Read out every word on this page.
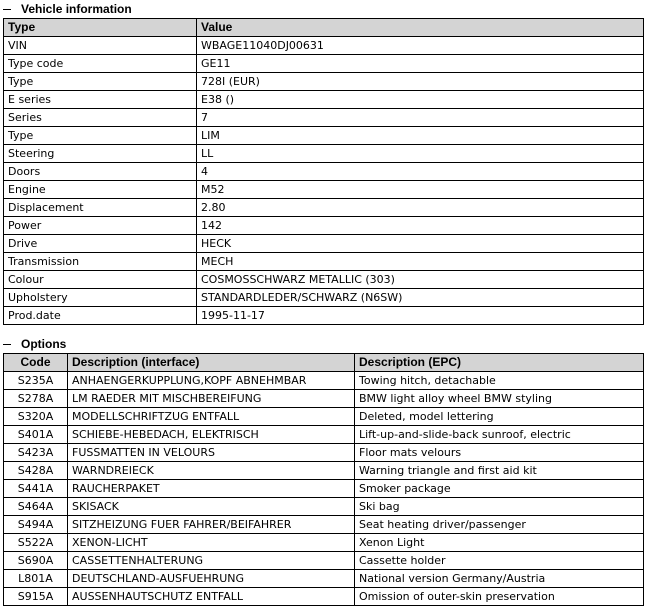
Vehicle information
Type	Value
VIN	WBAGE11040DJ00631
Type code	GE11
Type	728I (EUR)
E series	E38 ()
Series	7
Type	LIM
Steering	LL
Doors	4
Engine	M52
Displacement	2.80
Power	142
Drive	HECK
Transmission	MECH
Colour	COSMOSSCHWARZ METALLIC (303)
Upholstery	STANDARDLEDER/SCHWARZ (N6SW)
Prod.date	1995-11-17
Options
Code	Description (interface)	Description (EPC)
S235A	ANHAENGERKUPPLUNG,KOPF ABNEHMBAR	Towing hitch, detachable
S278A	LM RAEDER MIT MISCHBEREIFUNG	BMW light alloy wheel BMW styling
S320A	MODELLSCHRIFTZUG ENTFALL	Deleted, model lettering
S401A	SCHIEBE-HEBEDACH, ELEKTRISCH	Lift-up-and-slide-back sunroof, electric
S423A	FUSSMATTEN IN VELOURS	Floor mats velours
S428A	WARNDREIECK	Warning triangle and first aid kit
S441A	RAUCHERPAKET	Smoker package
S464A	SKISACK	Ski bag
S494A	SITZHEIZUNG FUER FAHRER/BEIFAHRER	Seat heating driver/passenger
S522A	XENON-LICHT	Xenon Light
S690A	CASSETTENHALTERUNG	Cassette holder
L801A	DEUTSCHLAND-AUSFUEHRUNG	National version Germany/Austria
S915A	AUSSENHAUTSCHUTZ ENTFALL	Omission of outer-skin preservation
